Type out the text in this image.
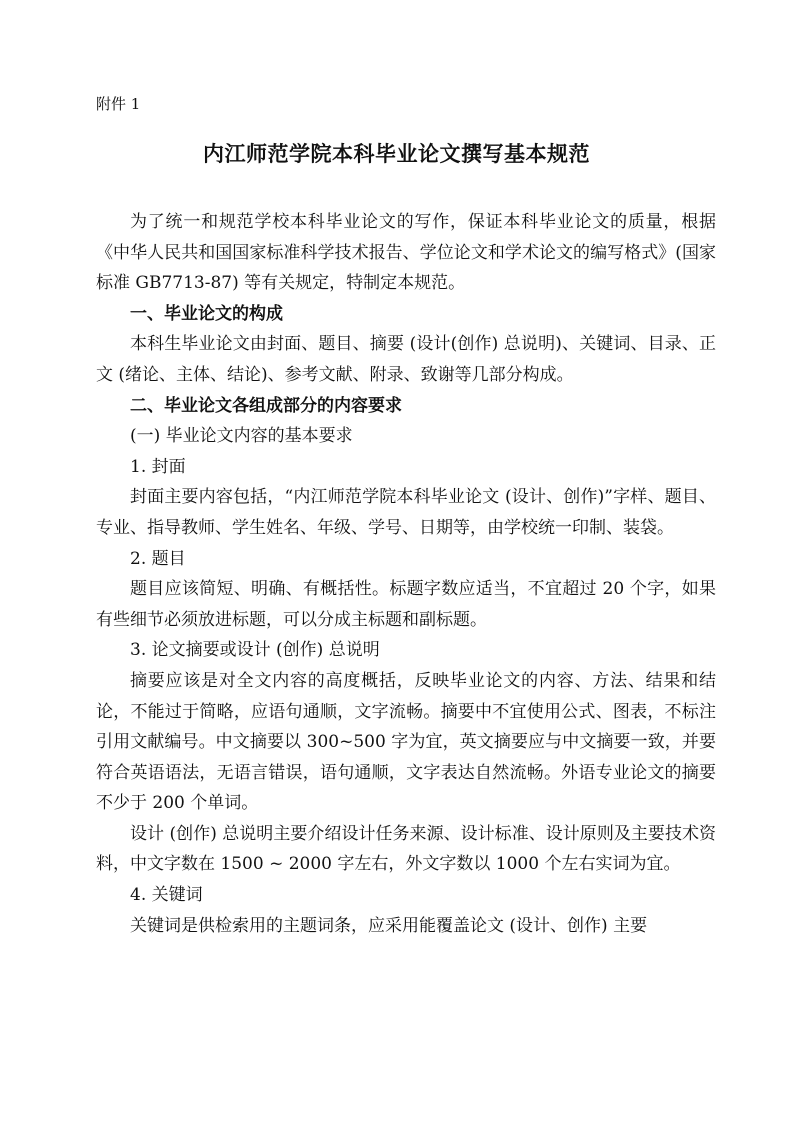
附件 1
内江师范学院本科毕业论文撰写基本规范

为了统一和规范学校本科毕业论文的写作，保证本科毕业论文的质量，根据《中华人民共和国国家标准科学技术报告、学位论文和学术论文的编写格式》(国家标准 GB7713-87) 等有关规定，特制定本规范。

一、毕业论文的构成

本科生毕业论文由封面、题目、摘要 (设计(创作) 总说明)、关键词、目录、正文 (绪论、主体、结论)、参考文献、附录、致谢等几部分构成。

二、毕业论文各组成部分的内容要求

(一) 毕业论文内容的基本要求

1. 封面

封面主要内容包括，“内江师范学院本科毕业论文 (设计、创作)”字样、题目、专业、指导教师、学生姓名、年级、学号、日期等，由学校统一印制、装袋。

2. 题目

题目应该简短、明确、有概括性。标题字数应适当，不宜超过 20 个字，如果有些细节必须放进标题，可以分成主标题和副标题。

3. 论文摘要或设计 (创作) 总说明

摘要应该是对全文内容的高度概括，反映毕业论文的内容、方法、结果和结论，不能过于简略，应语句通顺，文字流畅。摘要中不宜使用公式、图表，不标注引用文献编号。中文摘要以 300~500 字为宜，英文摘要应与中文摘要一致，并要符合英语语法，无语言错误，语句通顺，文字表达自然流畅。外语专业论文的摘要不少于 200 个单词。

设计 (创作) 总说明主要介绍设计任务来源、设计标准、设计原则及主要技术资料，中文字数在 1500 ~ 2000 字左右，外文字数以 1000 个左右实词为宜。

4. 关键词

关键词是供检索用的主题词条，应采用能覆盖论文 (设计、创作) 主要
